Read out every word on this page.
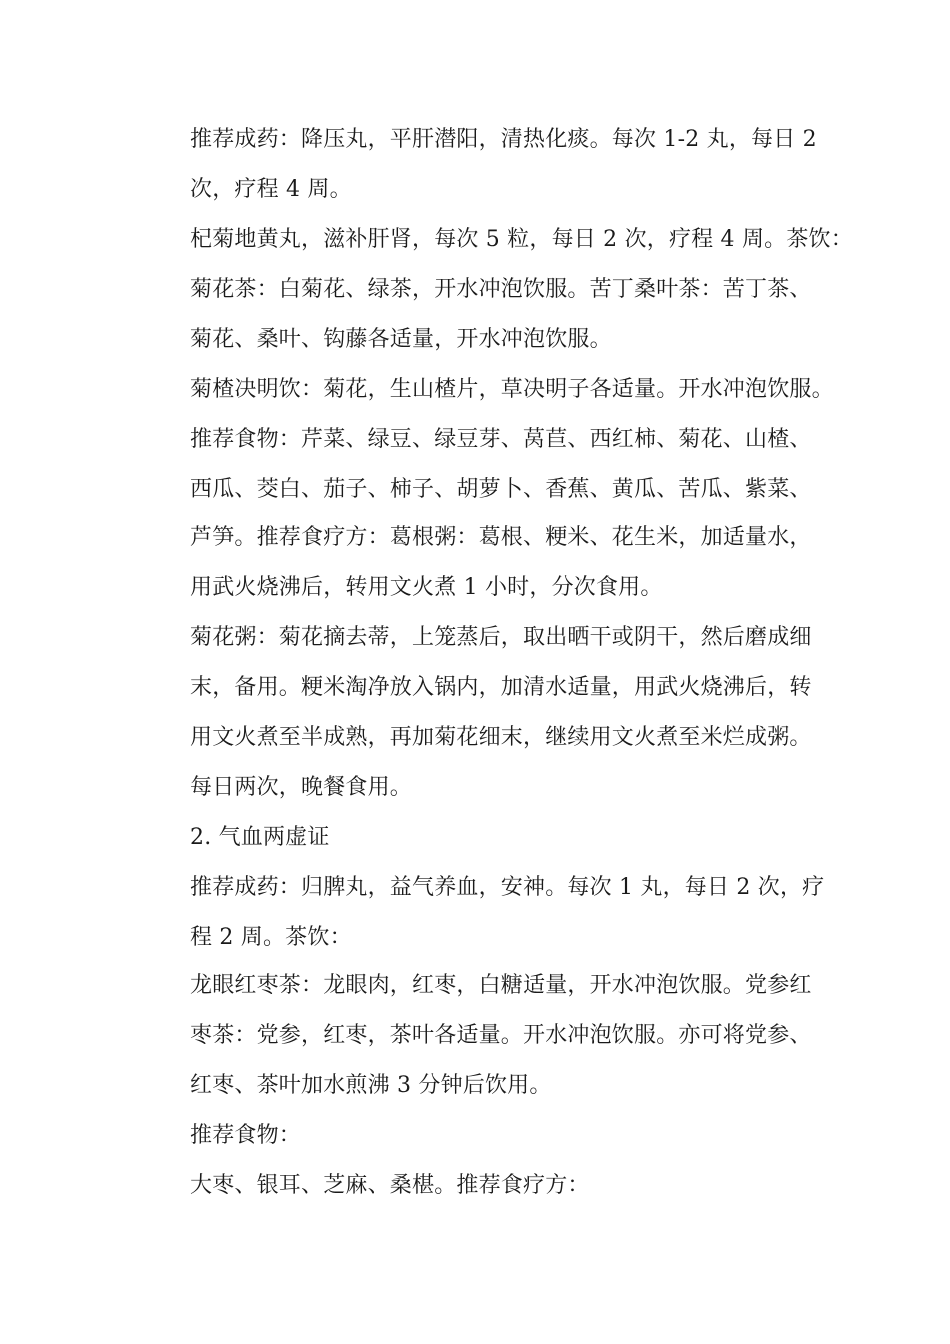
推荐成药：降压丸，平肝潜阳，清热化痰。每次 1-2 丸，每日 2
次，疗程 4 周。
杞菊地黄丸，滋补肝肾，每次 5 粒，每日 2 次，疗程 4 周。茶饮：
菊花茶：白菊花、绿茶，开水冲泡饮服。苦丁桑叶茶：苦丁茶、
菊花、桑叶、钩藤各适量，开水冲泡饮服。
菊楂决明饮：菊花，生山楂片，草决明子各适量。开水冲泡饮服。
推荐食物：芹菜、绿豆、绿豆芽、莴苣、西红柿、菊花、山楂、
西瓜、茭白、茄子、柿子、胡萝卜、香蕉、黄瓜、苦瓜、紫菜、
芦笋。推荐食疗方：葛根粥：葛根、粳米、花生米，加适量水，
用武火烧沸后，转用文火煮 1 小时，分次食用。
菊花粥：菊花摘去蒂，上笼蒸后，取出晒干或阴干，然后磨成细
末，备用。粳米淘净放入锅内，加清水适量，用武火烧沸后，转
用文火煮至半成熟，再加菊花细末，继续用文火煮至米烂成粥。
每日两次，晚餐食用。
2. 气血两虚证
推荐成药：归脾丸，益气养血，安神。每次 1 丸，每日 2 次，疗
程 2 周。茶饮：
龙眼红枣茶：龙眼肉，红枣，白糖适量，开水冲泡饮服。党参红
枣茶：党参，红枣，茶叶各适量。开水冲泡饮服。亦可将党参、
红枣、茶叶加水煎沸 3 分钟后饮用。
推荐食物：
大枣、银耳、芝麻、桑椹。推荐食疗方：
